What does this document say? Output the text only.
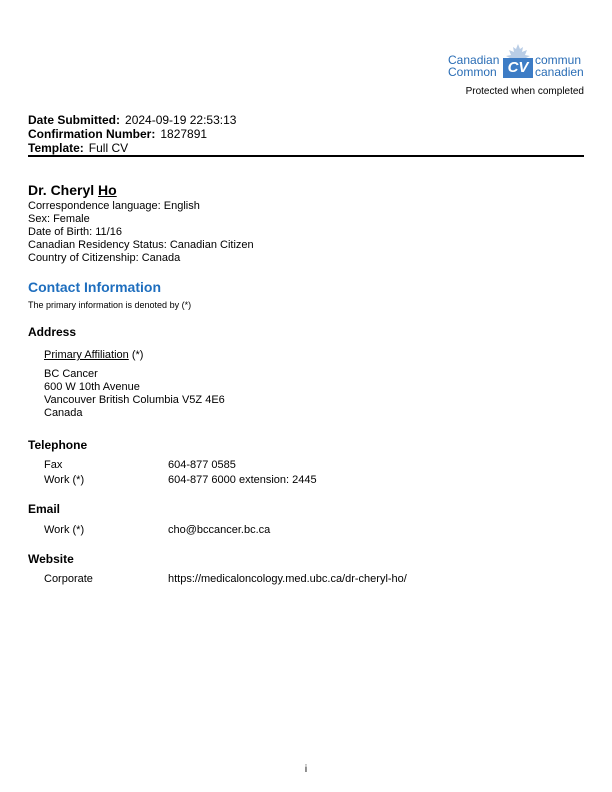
Canadian
Common CV commun
canadien
Protected when completed
Date Submitted: 2024-09-19 22:53:13
Confirmation Number: 1827891
Template: Full CV
Dr. Cheryl Ho
Correspondence language: English
Sex: Female
Date of Birth: 11/16
Canadian Residency Status: Canadian Citizen
Country of Citizenship: Canada
Contact Information
The primary information is denoted by (*)
Address
Primary Affiliation (*)
BC Cancer
600 W 10th Avenue
Vancouver British Columbia V5Z 4E6
Canada
Telephone
Fax	604-877 0585
Work (*)	604-877 6000 extension: 2445
Email
Work (*)	cho@bccancer.bc.ca
Website
Corporate	https://medicaloncology.med.ubc.ca/dr-cheryl-ho/
i
